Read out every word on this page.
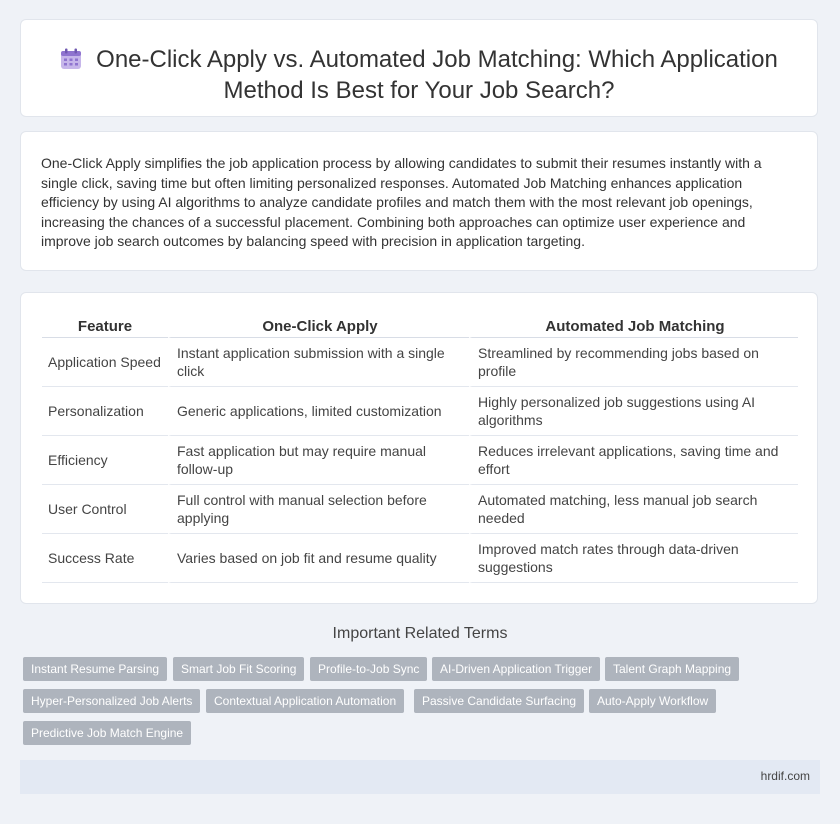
One-Click Apply vs. Automated Job Matching: Which Application Method Is Best for Your Job Search?

One-Click Apply simplifies the job application process by allowing candidates to submit their resumes instantly with a single click, saving time but often limiting personalized responses. Automated Job Matching enhances application efficiency by using AI algorithms to analyze candidate profiles and match them with the most relevant job openings, increasing the chances of a successful placement. Combining both approaches can optimize user experience and improve job search outcomes by balancing speed with precision in application targeting.

Feature	One-Click Apply	Automated Job Matching
Application Speed	Instant application submission with a single click	Streamlined by recommending jobs based on profile
Personalization	Generic applications, limited customization	Highly personalized job suggestions using AI algorithms
Efficiency	Fast application but may require manual follow-up	Reduces irrelevant applications, saving time and effort
User Control	Full control with manual selection before applying	Automated matching, less manual job search needed
Success Rate	Varies based on job fit and resume quality	Improved match rates through data-driven suggestions
Important Related Terms
Instant Resume Parsing	Smart Job Fit Scoring	Profile-to-Job Sync	AI-Driven Application Trigger	Talent Graph Mapping
Hyper-Personalized Job Alerts	Contextual Application Automation	Passive Candidate Surfacing	Auto-Apply Workflow
Predictive Job Match Engine
hrdif.com
